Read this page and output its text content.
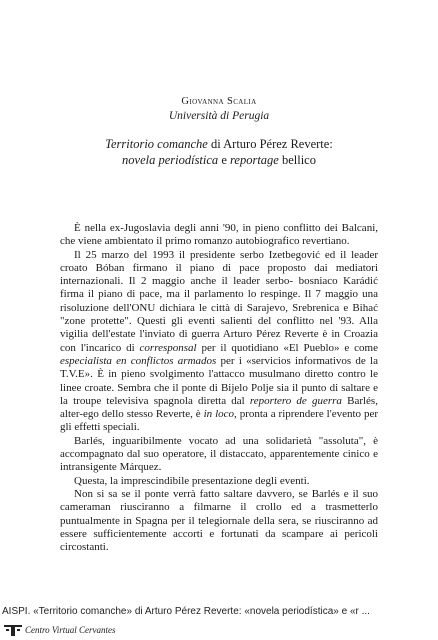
Giovanna Scalia
Università di Perugia
Territorio comanche di Arturo Pérez Reverte:
novela periodística e reportage bellico

È nella ex-Jugoslavia degli anni '90, in pieno conflitto dei Balcani, che viene ambientato il primo romanzo autobiografico revertiano.

Il 25 marzo del 1993 il presidente serbo Izetbegović ed il leader croato Bóban firmano il piano di pace proposto dai mediatori internazionali. Il 2 maggio anche il leader serbo- bosniaco Karádić firma il piano di pace, ma il parlamento lo respinge. Il 7 maggio una risoluzione dell'ONU dichiara le città di Sarajevo, Srebrenica e Bihać "zone protette". Questi gli eventi salienti del conflitto nel '93. Alla vigilia dell'estate l'inviato di guerra Arturo Pérez Reverte è in Croazia con l'incarico di corresponsal per il quotidiano «El Pueblo» e come especialista en conflictos armados per i «servicios informativos de la T.V.E». È in pieno svolgimento l'attacco musulmano diretto contro le linee croate. Sembra che il ponte di Bijelo Polje sia il punto di saltare e la troupe televisiva spagnola diretta dal reportero de guerra Barlés, alter-ego dello stesso Reverte, è in loco, pronta a riprendere l'evento per gli effetti speciali.

Barlés, inguaribilmente vocato ad una solidarietà "assoluta", è accompagnato dal suo operatore, il distaccato, apparentemente cinico e intransigente Márquez.

Questa, la imprescindibile presentazione degli eventi.

Non si sa se il ponte verrà fatto saltare davvero, se Barlés e il suo cameraman riusciranno a filmarne il crollo ed a trasmetterlo puntualmente in Spagna per il telegiornale della sera, se riusciranno ad essere sufficientemente accorti e fortunati da scampare ai pericoli circostanti.

AISPI. «Territorio comanche» di Arturo Pérez Reverte: «novela periodística» e «r ...
Centro Virtual Cervantes
